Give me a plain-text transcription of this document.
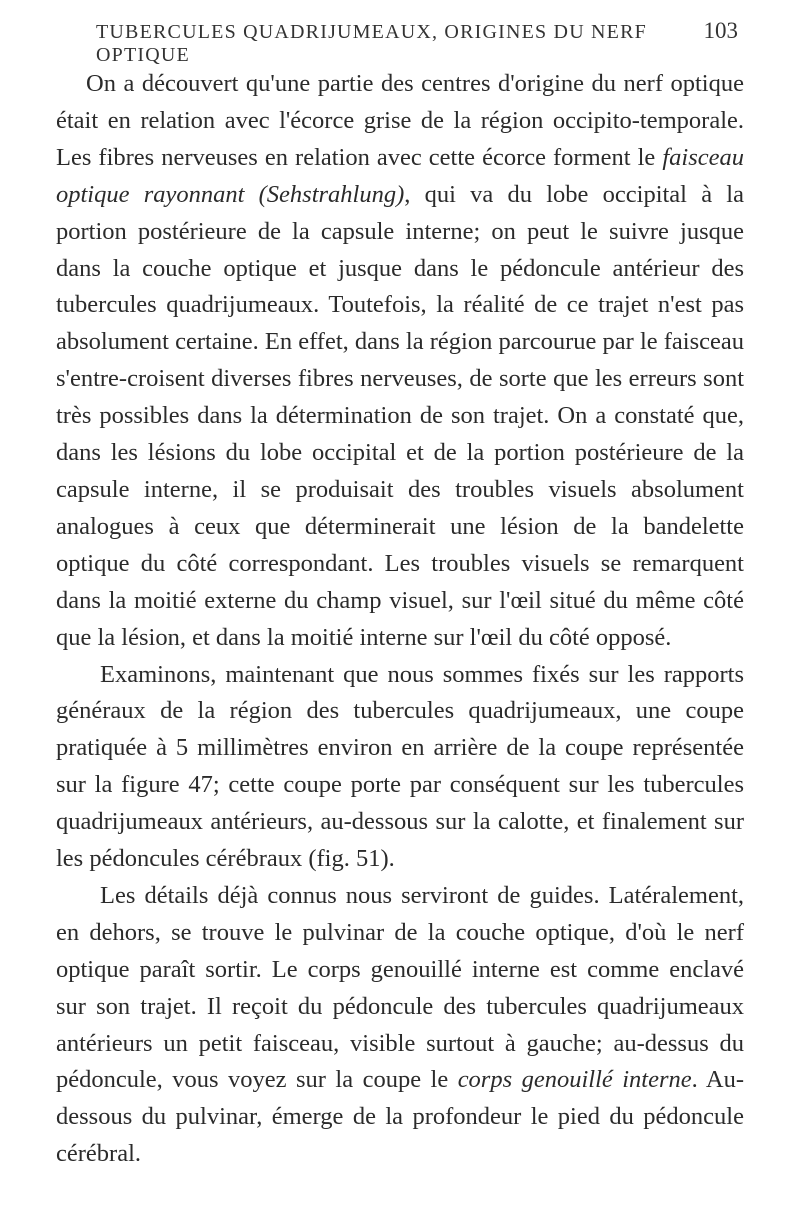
TUBERCULES QUADRIJUMEAUX, ORIGINES DU NERF OPTIQUE
103

On a découvert qu'une partie des centres d'origine du nerf optique était en relation avec l'écorce grise de la région occipito-temporale. Les fibres nerveuses en relation avec cette écorce forment le faisceau optique rayonnant (Sehstrahlung), qui va du lobe occipital à la portion postérieure de la capsule interne; on peut le suivre jusque dans la couche optique et jusque dans le pédoncule antérieur des tubercules quadrijumeaux. Toutefois, la réalité de ce trajet n'est pas absolument certaine. En effet, dans la région parcourue par le faisceau s'entre-croisent diverses fibres nerveuses, de sorte que les erreurs sont très possibles dans la détermination de son trajet. On a constaté que, dans les lésions du lobe occipital et de la portion postérieure de la capsule interne, il se produisait des troubles visuels absolument analogues à ceux que déterminerait une lésion de la bandelette optique du côté correspondant. Les troubles visuels se remarquent dans la moitié externe du champ visuel, sur l'œil situé du même côté que la lésion, et dans la moitié interne sur l'œil du côté opposé.

Examinons, maintenant que nous sommes fixés sur les rapports généraux de la région des tubercules quadrijumeaux, une coupe pratiquée à 5 millimètres environ en arrière de la coupe représentée sur la figure 47; cette coupe porte par conséquent sur les tubercules quadrijumeaux antérieurs, au-dessous sur la calotte, et finalement sur les pédoncules cérébraux (fig. 51).

Les détails déjà connus nous serviront de guides. Latéralement, en dehors, se trouve le pulvinar de la couche optique, d'où le nerf optique paraît sortir. Le corps genouillé interne est comme enclavé sur son trajet. Il reçoit du pédoncule des tubercules quadrijumeaux antérieurs un petit faisceau, visible surtout à gauche; au-dessus du pédoncule, vous voyez sur la coupe le corps genouillé interne. Au-dessous du pulvinar, émerge de la profondeur le pied du pédoncule cérébral.
